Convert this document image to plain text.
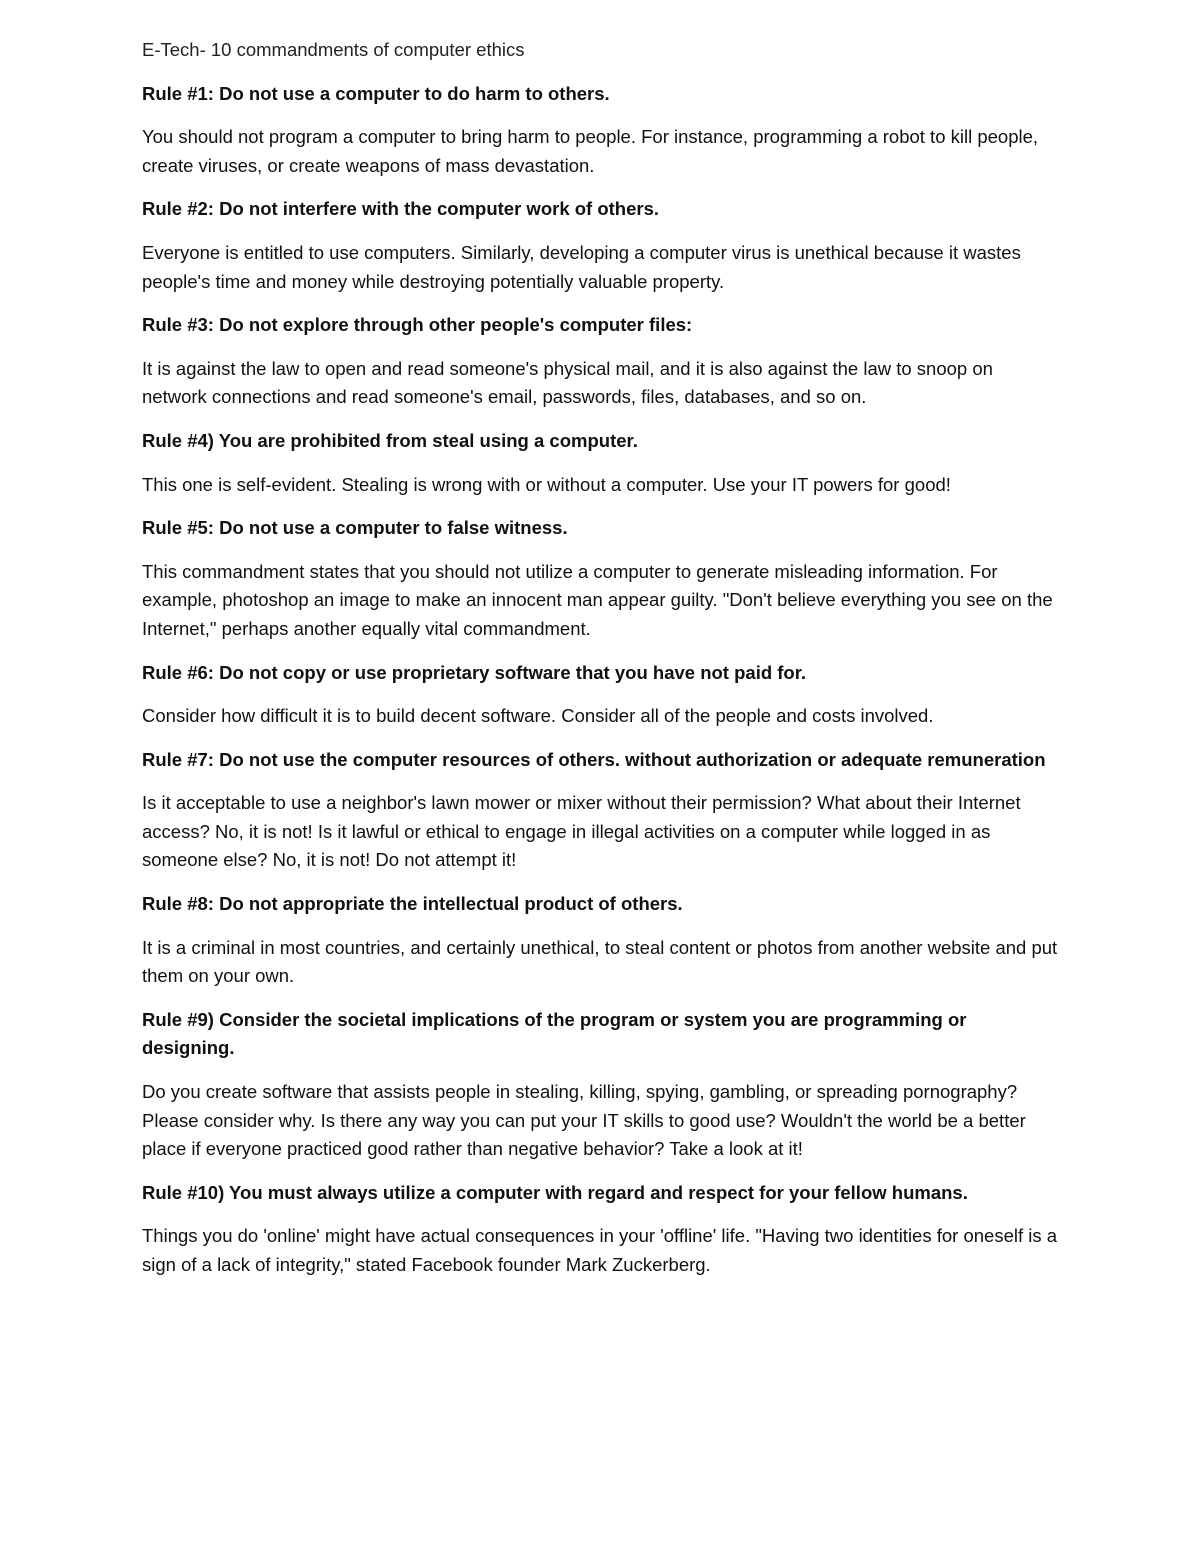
E-Tech- 10 commandments of computer ethics

Rule #1: Do not use a computer to do harm to others.

You should not program a computer to bring harm to people. For instance, programming a robot to kill people, create viruses, or create weapons of mass devastation.

Rule #2: Do not interfere with the computer work of others.

Everyone is entitled to use computers. Similarly, developing a computer virus is unethical because it wastes people's time and money while destroying potentially valuable property.

Rule #3: Do not explore through other people's computer files:

It is against the law to open and read someone's physical mail, and it is also against the law to snoop on network connections and read someone's email, passwords, files, databases, and so on.

Rule #4) You are prohibited from steal using a computer.

This one is self-evident. Stealing is wrong with or without a computer. Use your IT powers for good!

Rule #5: Do not use a computer to false witness.

This commandment states that you should not utilize a computer to generate misleading information. For example, photoshop an image to make an innocent man appear guilty. "Don't believe everything you see on the Internet," perhaps another equally vital commandment.

Rule #6: Do not copy or use proprietary software that you have not paid for.

Consider how difficult it is to build decent software. Consider all of the people and costs involved.

Rule #7: Do not use the computer resources of others. without authorization or adequate remuneration

Is it acceptable to use a neighbor's lawn mower or mixer without their permission? What about their Internet access? No, it is not! Is it lawful or ethical to engage in illegal activities on a computer while logged in as someone else? No, it is not! Do not attempt it!

Rule #8: Do not appropriate the intellectual product of others.

It is a criminal in most countries, and certainly unethical, to steal content or photos from another website and put them on your own.

Rule #9) Consider the societal implications of the program or system you are programming or designing.

Do you create software that assists people in stealing, killing, spying, gambling, or spreading pornography? Please consider why. Is there any way you can put your IT skills to good use? Wouldn't the world be a better place if everyone practiced good rather than negative behavior? Take a look at it!

Rule #10) You must always utilize a computer with regard and respect for your fellow humans.

Things you do 'online' might have actual consequences in your 'offline' life. "Having two identities for oneself is a sign of a lack of integrity," stated Facebook founder Mark Zuckerberg.
